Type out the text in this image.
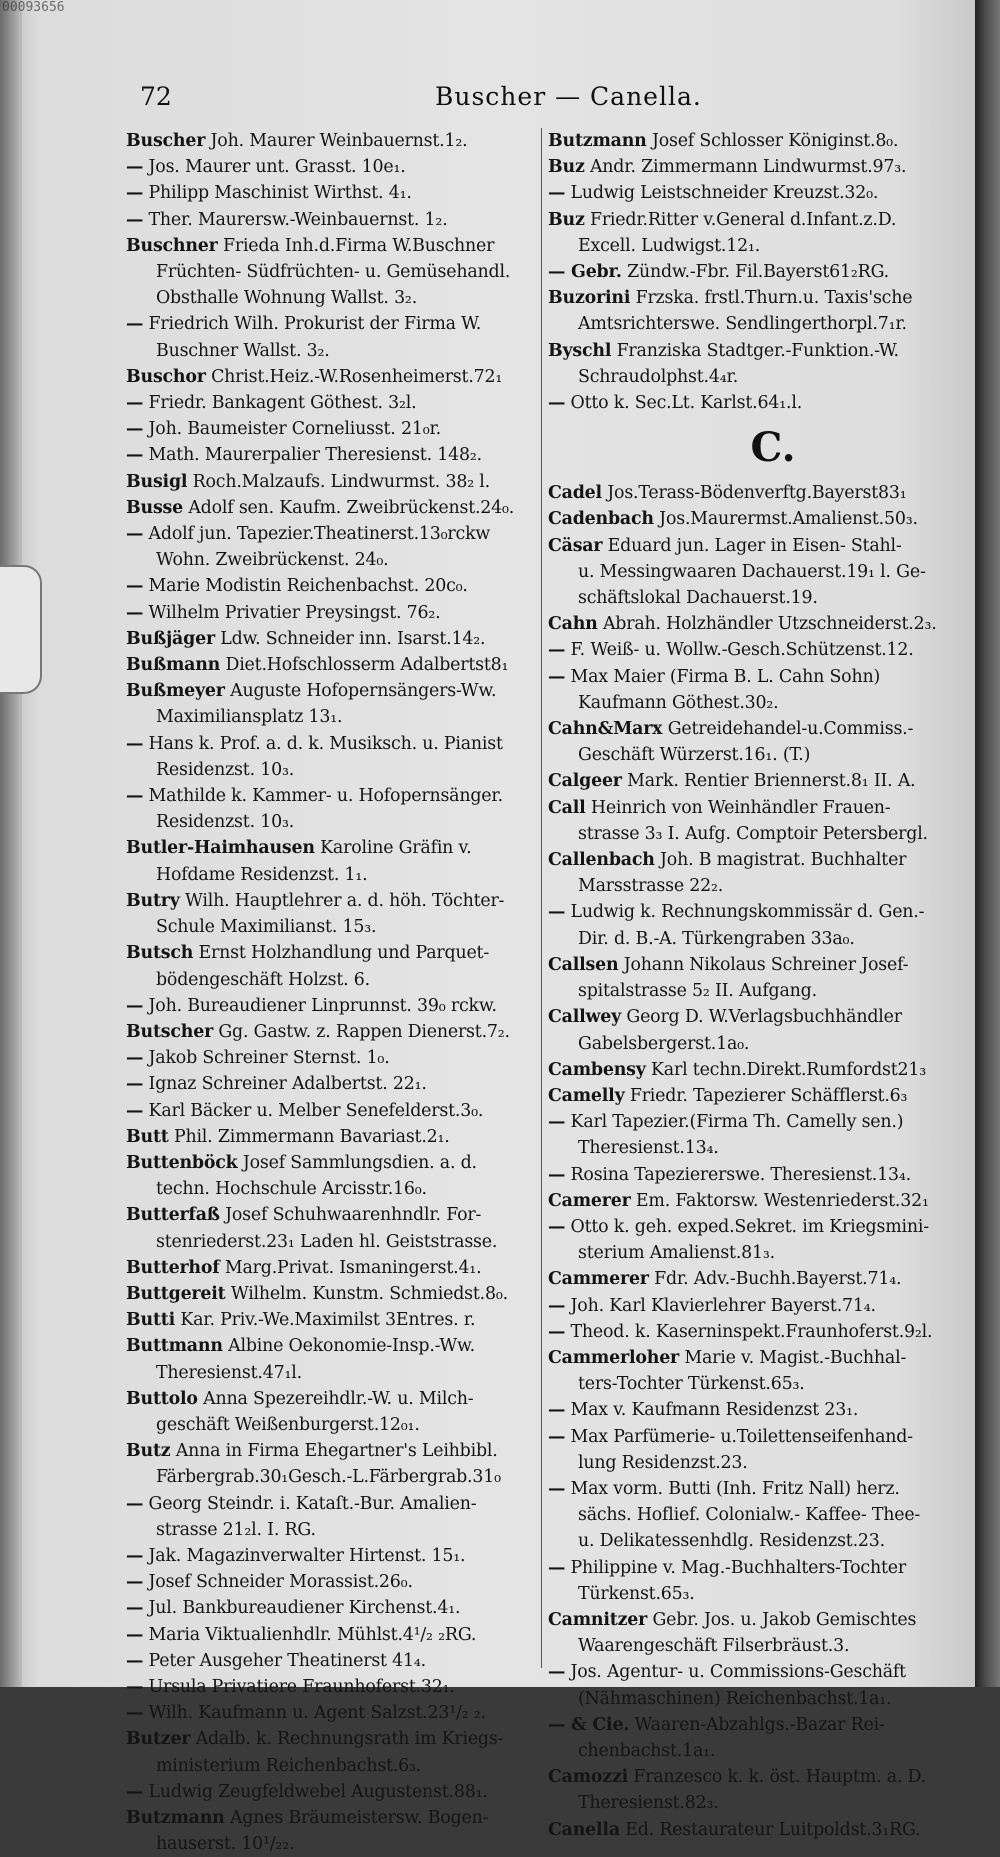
00093656
72	Buscher — Canella.
Buscher Joh. Maurer Weinbauernst.1₂.
— Jos. Maurer unt. Grasst. 10e₁.
— Philipp Maschinist Wirthst. 4₁.
— Ther. Maurersw.-Weinbauernst. 1₂.
Buschner Frieda Inh.d.Firma W.Buschner
Früchten- Südfrüchten- u. Gemüsehandl.
Obsthalle Wohnung Wallst. 3₂.
— Friedrich Wilh. Prokurist der Firma W.
Buschner Wallst. 3₂.
Buschor Christ.Heiz.-W.Rosenheimerst.72₁
— Friedr. Bankagent Göthest. 3₂l.
— Joh. Baumeister Corneliusst. 21₀r.
— Math. Maurerpalier Theresienst. 148₂.
Busigl Roch.Malzaufs. Lindwurmst. 38₂ l.
Busse Adolf sen. Kaufm. Zweibrückenst.24₀.
— Adolf jun. Tapezier.Theatinerst.13₀rckw
Wohn. Zweibrückenst. 24₀.
— Marie Modistin Reichenbachst. 20c₀.
— Wilhelm Privatier Preysingst. 76₂.
Bußjäger Ldw. Schneider inn. Isarst.14₂.
Bußmann Diet.Hofschlosserm Adalbertst8₁
Bußmeyer Auguste Hofopernsängers-Ww.
Maximiliansplatz 13₁.
— Hans k. Prof. a. d. k. Musiksch. u. Pianist
Residenzst. 10₃.
— Mathilde k. Kammer- u. Hofopernsänger.
Residenzst. 10₃.
Butler-Haimhausen Karoline Gräfin v.
Hofdame Residenzst. 1₁.
Butry Wilh. Hauptlehrer a. d. höh. Töchter-
Schule Maximilianst. 15₃.
Butsch Ernst Holzhandlung und Parquet-
bödengeschäft Holzst. 6.
— Joh. Bureaudiener Linprunnst. 39₀ rckw.
Butscher Gg. Gastw. z. Rappen Dienerst.7₂.
— Jakob Schreiner Sternst. 1₀.
— Ignaz Schreiner Adalbertst. 22₁.
— Karl Bäcker u. Melber Senefelderst.3₀.
Butt Phil. Zimmermann Bavariast.2₁.
Buttenböck Josef Sammlungsdien. a. d.
techn. Hochschule Arcisstr.16₀.
Butterfaß Josef Schuhwaarenhndlr. For-
stenriederst.23₁ Laden hl. Geiststrasse.
Butterhof Marg.Privat. Ismaningerst.4₁.
Buttgereit Wilhelm. Kunstm. Schmiedst.8₀.
Butti Kar. Priv.-We.Maximilst 3Entres. r.
Buttmann Albine Oekonomie-Insp.-Ww.
Theresienst.47₁l.
Buttolo Anna Spezereihdlr.-W. u. Milch-
geschäft Weißenburgerst.12₀₁.
Butz Anna in Firma Ehegartner's Leihbibl.
Färbergrab.30₁Gesch.-L.Färbergrab.31₀
— Georg Steindr. i. Kataſt.-Bur. Amalien-
strasse 21₂l. I. RG.
— Jak. Magazinverwalter Hirtenst. 15₁.
— Josef Schneider Morassist.26₀.
— Jul. Bankbureaudiener Kirchenst.4₁.
— Maria Viktualienhdlr. Mühlst.4¹/₂ ₂RG.
— Peter Ausgeher Theatinerst 41₄.
— Ursula Privatiere Fraunhoferst.32₁.
— Wilh. Kaufmann u. Agent Salzst.23¹/₂ ₂.
Butzer Adalb. k. Rechnungsrath im Kriegs-
ministerium Reichenbachst.6₃.
— Ludwig Zeugfeldwebel Augustenst.88₁.
Butzmann Agnes Bräumeistersw. Bogen-
hauserst. 10¹/₂₂.
Butzmann Josef Schlosser Königinst.8₀.
Buz Andr. Zimmermann Lindwurmst.97₃.
— Ludwig Leistschneider Kreuzst.32₀.
Buz Friedr.Ritter v.General d.Infant.z.D.
Excell. Ludwigst.12₁.
— Gebr. Zündw.-Fbr. Fil.Bayerst61₂RG.
Buzorini Frzska. frstl.Thurn.u. Taxis'sche
Amtsrichterswe. Sendlingerthorpl.7₁r.
Byschl Franziska Stadtger.-Funktion.-W.
Schraudolphst.4₄r.
— Otto k. Sec.Lt. Karlst.64₁.l.
C.
Cadel Jos.Terass-Bödenverftg.Bayerst83₁
Cadenbach Jos.Maurermst.Amalienst.50₃.
Cäsar Eduard jun. Lager in Eisen- Stahl-
u. Messingwaaren Dachauerst.19₁ l. Ge-
schäftslokal Dachauerst.19.
Cahn Abrah. Holzhändler Utzschneiderst.2₃.
— F. Weiß- u. Wollw.-Gesch.Schützenst.12.
— Max Maier (Firma B. L. Cahn Sohn)
Kaufmann Göthest.30₂.
Cahn&Marx Getreidehandel-u.Commiss.-
Geschäft Würzerst.16₁. (T.)
Calgeer Mark. Rentier Briennerst.8₁ II. A.
Call Heinrich von Weinhändler Frauen-
strasse 3₃ I. Aufg. Comptoir Petersbergl.
Callenbach Joh. B magistrat. Buchhalter
Marsstrasse 22₂.
— Ludwig k. Rechnungskommissär d. Gen.-
Dir. d. B.-A. Türkengraben 33a₀.
Callsen Johann Nikolaus Schreiner Josef-
spitalstrasse 5₂ II. Aufgang.
Callwey Georg D. W.Verlagsbuchhändler
Gabelsbergerst.1a₀.
Cambensy Karl techn.Direkt.Rumfordst21₃
Camelly Friedr. Tapezierer Schäfflerst.6₃
— Karl Tapezier.(Firma Th. Camelly sen.)
Theresienst.13₄.
— Rosina Tapeziererswe. Theresienst.13₄.
Camerer Em. Faktorsw. Westenriederst.32₁
— Otto k. geh. exped.Sekret. im Kriegsmini-
sterium Amalienst.81₃.
Cammerer Fdr. Adv.-Buchh.Bayerst.71₄.
— Joh. Karl Klavierlehrer Bayerst.71₄.
— Theod. k. Kaserninspekt.Fraunhoferst.9₂l.
Cammerloher Marie v. Magist.-Buchhal-
ters-Tochter Türkenst.65₃.
— Max v. Kaufmann Residenzst 23₁.
— Max Parfümerie- u.Toilettenseifenhand-
lung Residenzst.23.
— Max vorm. Butti (Inh. Fritz Nall) herz.
sächs. Hoflief. Colonialw.- Kaffee- Thee-
u. Delikatessenhdlg. Residenzst.23.
— Philippine v. Mag.-Buchhalters-Tochter
Türkenst.65₃.
Camnitzer Gebr. Jos. u. Jakob Gemischtes
Waarengeschäft Filserbräust.3.
— Jos. Agentur- u. Commissions-Geschäft
(Nähmaschinen) Reichenbachst.1a₁.
— & Cie. Waaren-Abzahlgs.-Bazar Rei-
chenbachst.1a₁.
Camozzi Franzesco k. k. öst. Hauptm. a. D.
Theresienst.82₃.
Canella Ed. Restaurateur Luitpoldst.3₁RG.
